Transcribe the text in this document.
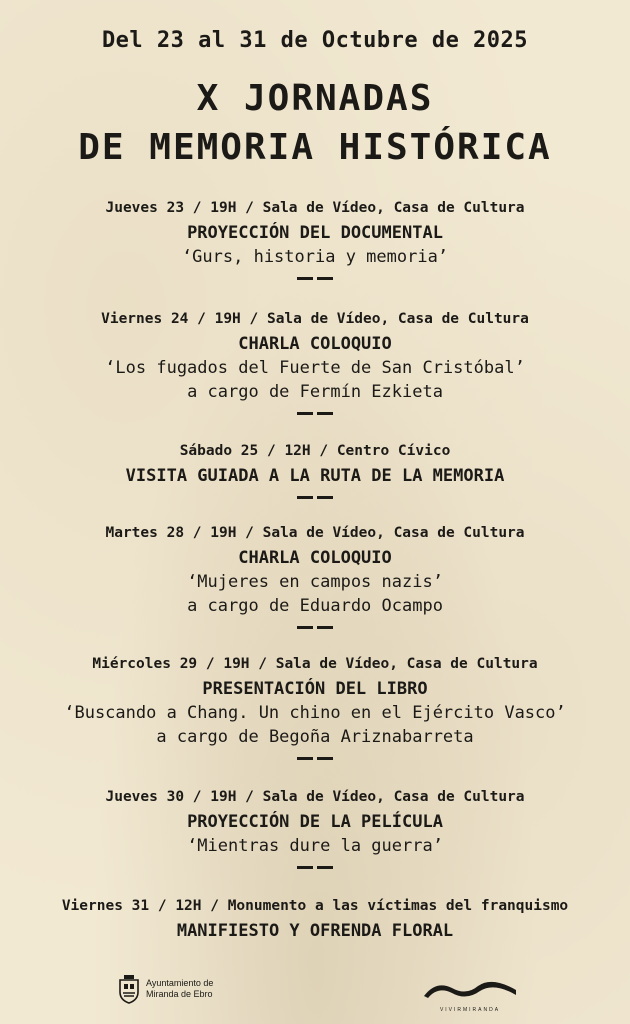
Del 23 al 31 de Octubre de 2025
X JORNADAS
DE MEMORIA HISTÓRICA
Jueves 23 / 19H / Sala de Vídeo, Casa de Cultura
PROYECCIÓN DEL DOCUMENTAL
‘Gurs, historia y memoria’
Viernes 24 / 19H / Sala de Vídeo, Casa de Cultura
CHARLA COLOQUIO
‘Los fugados del Fuerte de San Cristóbal’
a cargo de Fermín Ezkieta
Sábado 25 / 12H / Centro Cívico
VISITA GUIADA A LA RUTA DE LA MEMORIA
Martes 28 / 19H / Sala de Vídeo, Casa de Cultura
CHARLA COLOQUIO
‘Mujeres en campos nazis’
a cargo de Eduardo Ocampo
Miércoles 29 / 19H / Sala de Vídeo, Casa de Cultura
PRESENTACIÓN DEL LIBRO
‘Buscando a Chang. Un chino en el Ejército Vasco’
a cargo de Begoña Ariznabarreta
Jueves 30 / 19H / Sala de Vídeo, Casa de Cultura
PROYECCIÓN DE LA PELÍCULA
‘Mientras dure la guerra’
Viernes 31 / 12H / Monumento a las víctimas del franquismo
MANIFIESTO Y OFRENDA FLORAL
Ayuntamiento de
Miranda de Ebro
VIVIRMIRANDA
